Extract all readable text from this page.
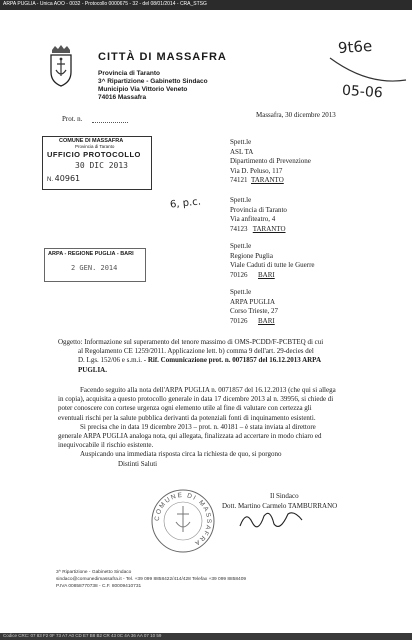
ARPA PUGLIA - Unica AOO - 0032 - Protocollo 0000675 - 32 - del 08/01/2014 - CRA_STSG
9t6e
05-06
CITTÀ DI MASSAFRA
Provincia di Taranto
3^ Ripartizione - Gabinetto Sindaco
Municipio Via Vittorio Veneto
74016 Massafra
Massafra, 30 dicembre 2013
Prot. n.
COMUNE DI MASSAFRA
Provincia di Taranto
UFFICIO PROTOCOLLO
30 DIC 2013
N. 40961
6, p.c.
ARPA - REGIONE PUGLIA - BARI
2 GEN. 2014
Spett.le
ASL TA
Dipartimento di Prevenzione
Via D. Peluso, 117
74121 TARANTO
Spett.le
Provincia di Taranto
Via anfiteatro, 4
74123 TARANTO
Spett.le
Regione Puglia
Viale Caduti di tutte le Guerre
70126 BARI
Spett.le
ARPA PUGLIA
Corso Trieste, 27
70126 BARI
Oggetto: Informazione sul superamento del tenore massimo di OMS-PCDD/F-PCBTEQ di cui
al Regolamento CE 1259/2011. Applicazione lett. b) comma 9 dell'art. 29-decies del
D. Lgs. 152/06 e s.m.i. - Rif. Comunicazione prot. n. 0071857 del 16.12.2013 ARPA
PUGLIA.
Facendo seguito alla nota dell'ARPA PUGLIA n. 0071857 del 16.12.2013 (che qui si allega
in copia), acquisita a questo protocollo generale in data 17 dicembre 2013 al n. 39956, si chiede di
poter conoscere con cortese urgenza ogni elemento utile al fine di valutare con certezza gli
eventuali rischi per la salute pubblica derivanti da potenziali fonti di inquinamento esistenti.
Si precisa che in data 19 dicembre 2013 – prot. n. 40181 – è stata inviata al direttore
generale ARPA PUGLIA analoga nota, qui allegata, finalizzata ad accertare in modo chiaro ed
inequivocabile il rischio esistente.
Auspicando una immediata risposta circa la richiesta de quo, si porgono
Distinti Saluti
COMUNE DI MASSAFRA
Il Sindaco
Dott. Martino Carmelo TAMBURRANO
3^ Ripartizione - Gabinetto Sindaco
sindaco@comunedimassafra.it - Tel. +39 099 8858422/414/428 Telefax +39 099 8858409
P.IVA 00858770738 - C.F. 80009410731
Codice CRC: 07 83 F2 0F 73 A7 A0 CD E7 B8 B2 CR 43 0C 4A 36 AA 07 10 59
